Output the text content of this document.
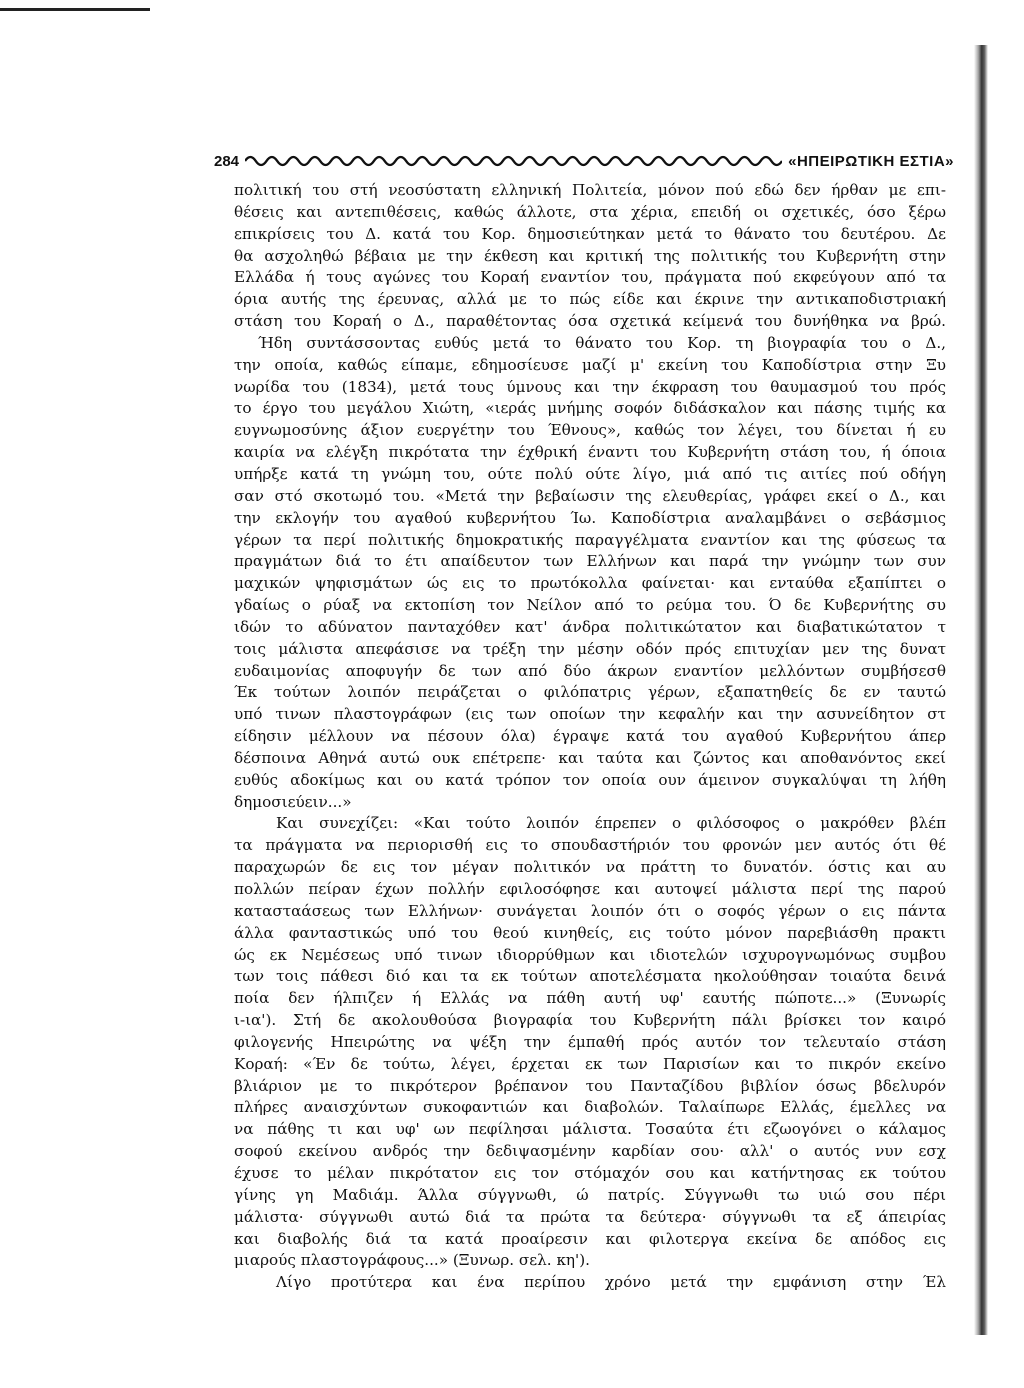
284	«ΗΠΕΙΡΩΤΙΚΗ ΕΣΤΙΑ»
πολιτική του στή νεοσύστατη ελληνική Πολιτεία, μόνον πού εδώ δεν ήρθαν με επι-
θέσεις και αντεπιθέσεις, καθώς άλλοτε, στα χέρια, επειδή οι σχετικές, όσο ξέρω
επικρίσεις του Δ. κατά του Κορ. δημοσιεύτηκαν μετά το θάνατο του δευτέρου. Δε
θα ασχοληθώ βέβαια με την έκθεση και κριτική της πολιτικής του Κυβερνήτη στην
Ελλάδα ή τους αγώνες του Κοραή εναντίον του, πράγματα πού εκφεύγουν από τα
όρια αυτής της έρευνας, αλλά με το πώς είδε και έκρινε την αντικαποδιστριακή
στάση του Κοραή ο Δ., παραθέτοντας όσα σχετικά κείμενά του δυνήθηκα να βρώ.
Ήδη συντάσσοντας ευθύς μετά το θάνατο του Κορ. τη βιογραφία του ο Δ.,
την οποία, καθώς είπαμε, εδημοσίευσε μαζί μ' εκείνη του Καποδίστρια στην Ξυ
νωρίδα του (1834), μετά τους ύμνους και την έκφραση του θαυμασμού του πρός
το έργο του μεγάλου Χιώτη, «ιεράς μνήμης σοφόν διδάσκαλον και πάσης τιμής κα
ευγνωμοσύνης άξιον ευεργέτην του Έθνους», καθώς τον λέγει, του δίνεται ή ευ
καιρία να ελέγξη πικρότατα την έχθρική έναντι του Κυβερνήτη στάση του, ή όποια
υπήρξε κατά τη γνώμη του, ούτε πολύ ούτε λίγο, μιά από τις αιτίες πού οδήγη
σαν στό σκοτωμό του. «Μετά την βεβαίωσιν της ελευθερίας, γράφει εκεί ο Δ., και
την εκλογήν του αγαθού κυβερνήτου Ίω. Καποδίστρια αναλαμβάνει ο σεβάσμιος
γέρων τα περί πολιτικής δημοκρατικής παραγγέλματα εναντίον και της φύσεως τα
πραγμάτων διά το έτι απαίδευτον των Ελλήνων και παρά την γνώμην των συν
μαχικών ψηφισμάτων ώς εις το πρωτόκολλα φαίνεται· και ενταύθα εξαπίπτει ο
γδαίως ο ρύαξ να εκτοπίση τον Νείλον από το ρεύμα του. Ό δε Κυβερνήτης συ
ιδών το αδύνατον πανταχόθεν κατ' άνδρα πολιτικώτατον και διαβατικώτατον τ
τοις μάλιστα απεφάσισε να τρέξη την μέσην οδόν πρός επιτυχίαν μεν της δυνατ
ευδαιμονίας αποφυγήν δε των από δύο άκρων εναντίον μελλόντων συμβήσεσθ
Έκ τούτων λοιπόν πειράζεται ο φιλόπατρις γέρων, εξαπατηθείς δε εν ταυτώ
υπό τινων πλαστογράφων (εις των οποίων την κεφαλήν και την ασυνείδητον στ
είδησιν μέλλουν να πέσουν όλα) έγραψε κατά του αγαθού Κυβερνήτου άπερ
δέσποινα Αθηνά αυτώ ουκ επέτρεπε· και ταύτα και ζώντος και αποθανόντος εκεί
ευθύς αδοκίμως και ου κατά τρόπον τον οποία ουν άμεινον συγκαλύψαι τη λήθη
δημοσιεύειν...»
Και συνεχίζει: «Και τούτο λοιπόν έπρεπεν ο φιλόσοφος ο μακρόθεν βλέπ
τα πράγματα να περιορισθή εις το σπουδαστήριόν του φρονών μεν αυτός ότι θέ
παραχωρών δε εις τον μέγαν πολιτικόν να πράττη το δυνατόν. όστις και αυ
πολλών πείραν έχων πολλήν εφιλοσόφησε και αυτοψεί μάλιστα περί της παρού
κατασταάσεως των Ελλήνων· συνάγεται λοιπόν ότι ο σοφός γέρων ο εις πάντα
άλλα φανταστικώς υπό του θεού κινηθείς, εις τούτο μόνον παρεβιάσθη πρακτι
ώς εκ Νεμέσεως υπό τινων ιδιορρύθμων και ιδιοτελών ισχυρογνωμόνως συμβου
των τοις πάθεσι διό και τα εκ τούτων αποτελέσματα ηκολούθησαν τοιαύτα δεινά
ποία δεν ήλπιζεν ή Ελλάς να πάθη αυτή υφ' εαυτής πώποτε...» (Ξυνωρίς
ι-ια'). Στή δε ακολουθούσα βιογραφία του Κυβερνήτη πάλι βρίσκει τον καιρό
φιλογενής Ηπειρώτης να ψέξη την έμπαθή πρός αυτόν τον τελευταίο στάση
Κοραή: «Έν δε τούτω, λέγει, έρχεται εκ των Παρισίων και το πικρόν εκείνο
βλιάριον με το πικρότερον βρέπανον του Πανταζίδου βιβλίον όσως βδελυρόν
πλήρες αναισχύντων συκοφαντιών και διαβολών. Ταλαίπωρε Ελλάς, έμελλες να
να πάθης τι και υφ' ων πεφίλησαι μάλιστα. Τοσαύτα έτι εζωογόνει ο κάλαμος
σοφού εκείνου ανδρός την δεδιψασμένην καρδίαν σου· αλλ' ο αυτός νυν εσχ
έχυσε το μέλαν πικρότατον εις τον στόμαχόν σου και κατήντησας εκ τούτου
γίνης γη Μαδιάμ. Άλλα σύγγνωθι, ώ πατρίς. Σύγγνωθι τω υιώ σου πέρι
μάλιστα· σύγγνωθι αυτώ διά τα πρώτα τα δεύτερα· σύγγνωθι τα εξ άπειρίας
και διαβολής διά τα κατά προαίρεσιν και φιλοτεργα εκείνα δε απόδος εις
μιαρούς πλαστογράφους...» (Ξυνωρ. σελ. κη').
Λίγο προτύτερα και ένα περίπου χρόνο μετά την εμφάνιση στην Έλ
